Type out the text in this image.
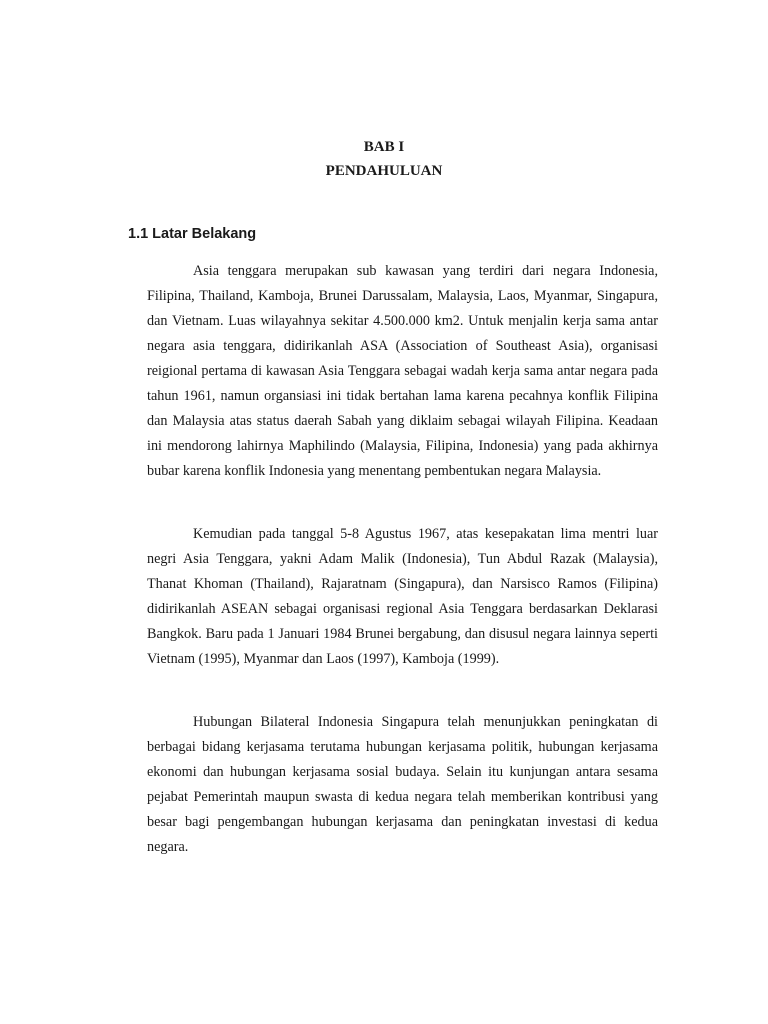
BAB I
PENDAHULUAN
1.1 Latar Belakang

Asia tenggara merupakan sub kawasan yang terdiri dari negara Indonesia, Filipina, Thailand, Kamboja, Brunei Darussalam, Malaysia, Laos, Myanmar, Singapura, dan Vietnam. Luas wilayahnya sekitar 4.500.000 km2. Untuk menjalin kerja sama antar negara asia tenggara, didirikanlah ASA (Association of Southeast Asia), organisasi reigional pertama di kawasan Asia Tenggara sebagai wadah kerja sama antar negara pada tahun 1961, namun organsiasi ini tidak bertahan lama karena pecahnya konflik Filipina dan Malaysia atas status daerah Sabah yang diklaim sebagai wilayah Filipina. Keadaan ini mendorong lahirnya Maphilindo (Malaysia, Filipina, Indonesia) yang pada akhirnya bubar karena konflik Indonesia yang menentang pembentukan negara Malaysia.

Kemudian pada tanggal 5-8 Agustus 1967, atas kesepakatan lima mentri luar negri Asia Tenggara, yakni Adam Malik (Indonesia), Tun Abdul Razak (Malaysia), Thanat Khoman (Thailand), Rajaratnam (Singapura), dan Narsisco Ramos (Filipina) didirikanlah ASEAN sebagai organisasi regional Asia Tenggara berdasarkan Deklarasi Bangkok. Baru pada 1 Januari 1984 Brunei bergabung, dan disusul negara lainnya seperti Vietnam (1995), Myanmar dan Laos (1997), Kamboja (1999).

Hubungan Bilateral Indonesia Singapura telah menunjukkan peningkatan di berbagai bidang kerjasama terutama hubungan kerjasama politik, hubungan kerjasama ekonomi dan hubungan kerjasama sosial budaya. Selain itu kunjungan antara sesama pejabat Pemerintah maupun swasta di kedua negara telah memberikan kontribusi yang besar bagi pengembangan hubungan kerjasama dan peningkatan investasi di kedua negara.
